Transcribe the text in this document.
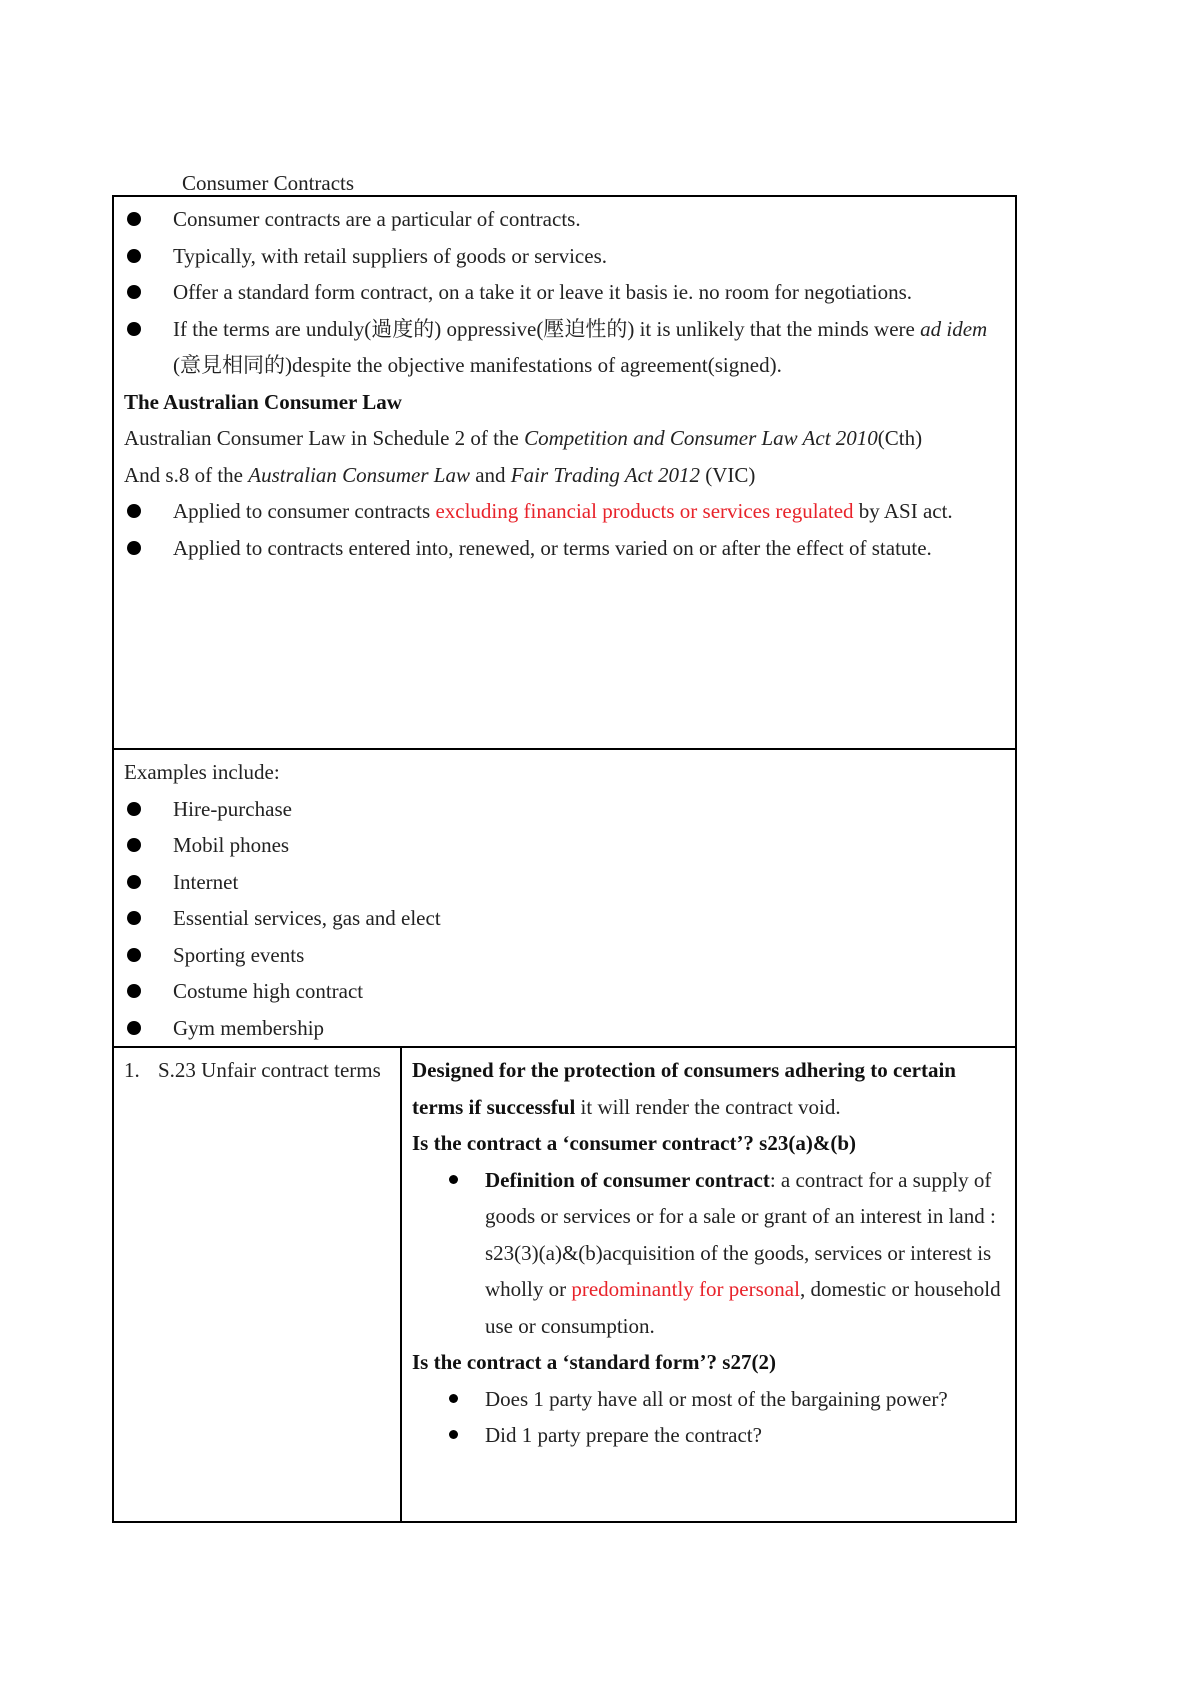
Consumer Contracts
Consumer contracts are a particular of contracts.
Typically, with retail suppliers of goods or services.
Offer a standard form contract, on a take it or leave it basis ie. no room for negotiations.
If the terms are unduly(過度的) oppressive(壓迫性的) it is unlikely that the minds were ad idem (意見相同的)despite the objective manifestations of agreement(signed).

The Australian Consumer Law

Australian Consumer Law in Schedule 2 of the Competition and Consumer Law Act 2010(Cth)

And s.8 of the Australian Consumer Law and Fair Trading Act 2012 (VIC)

Applied to consumer contracts excluding financial products or services regulated by ASI act.
Applied to contracts entered into, renewed, or terms varied on or after the effect of statute.

Examples include:

Hire-purchase
Mobil phones
Internet
Essential services, gas and elect
Sporting events
Costume high contract
Gym membership

1. S.23 Unfair contract terms	Designed for the protection of consumers adhering to certain terms if successful it will render the contract void.

Is the contract a ‘consumer contract’? s23(a)&(b)

Definition of consumer contract: a contract for a supply of goods or services or for a sale or grant of an interest in land : s23(3)(a)&(b)acquisition of the goods, services or interest is wholly or predominantly for personal, domestic or household use or consumption.

Is the contract a ‘standard form’? s27(2)

Does 1 party have all or most of the bargaining power?
Did 1 party prepare the contract?
